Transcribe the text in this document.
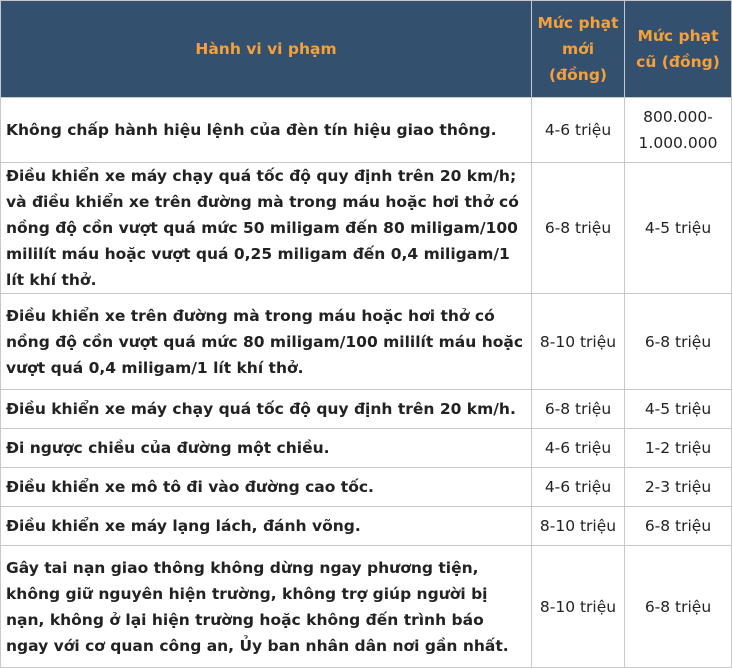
Hành vi vi phạm	Mức phạt mới (đồng)	Mức phạt cũ (đồng)
Không chấp hành hiệu lệnh của đèn tín hiệu giao thông.	4-6 triệu	800.000-1.000.000
Điều khiển xe máy chạy quá tốc độ quy định trên 20 km/h; và điều khiển xe trên đường mà trong máu hoặc hơi thở có nồng độ cồn vượt quá mức 50 miligam đến 80 miligam/100 mililít máu hoặc vượt quá 0,25 miligam đến 0,4 miligam/1 lít khí thở.	6-8 triệu	4-5 triệu
Điều khiển xe trên đường mà trong máu hoặc hơi thở có nồng độ cồn vượt quá mức 80 miligam/100 mililít máu hoặc vượt quá 0,4 miligam/1 lít khí thở.	8-10 triệu	6-8 triệu
Điều khiển xe máy chạy quá tốc độ quy định trên 20 km/h.	6-8 triệu	4-5 triệu
Đi ngược chiều của đường một chiều.	4-6 triệu	1-2 triệu
Điều khiển xe mô tô đi vào đường cao tốc.	4-6 triệu	2-3 triệu
Điều khiển xe máy lạng lách, đánh võng.	8-10 triệu	6-8 triệu
Gây tai nạn giao thông không dừng ngay phương tiện, không giữ nguyên hiện trường, không trợ giúp người bị nạn, không ở lại hiện trường hoặc không đến trình báo ngay với cơ quan công an, Ủy ban nhân dân nơi gần nhất.	8-10 triệu	6-8 triệu
